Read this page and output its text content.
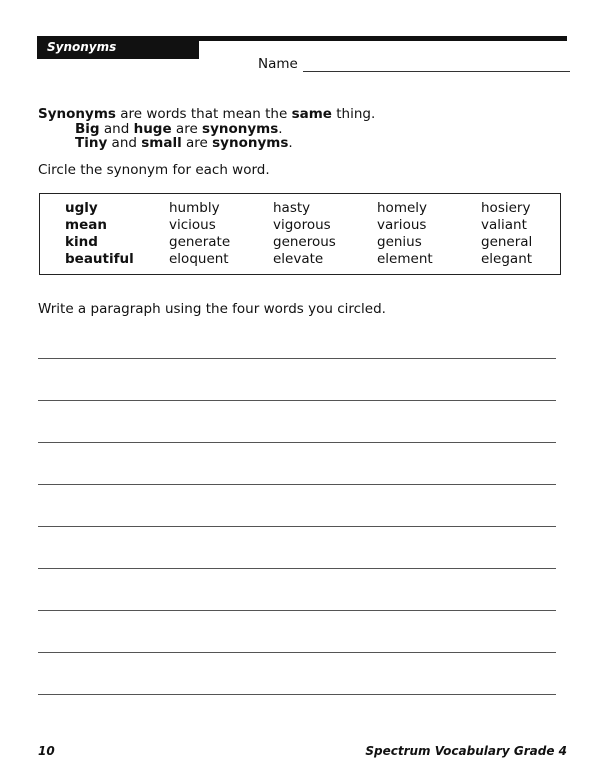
Synonyms
Name
Synonyms are words that mean the same thing.
Big and huge are synonyms.
Tiny and small are synonyms.
Circle the synonym for each word.
ugly	humbly	hasty	homely	hosiery
mean	vicious	vigorous	various	valiant
kind	generate	generous	genius	general
beautiful	eloquent	elevate	element	elegant
Write a paragraph using the four words you circled.
10	Spectrum Vocabulary Grade 4
